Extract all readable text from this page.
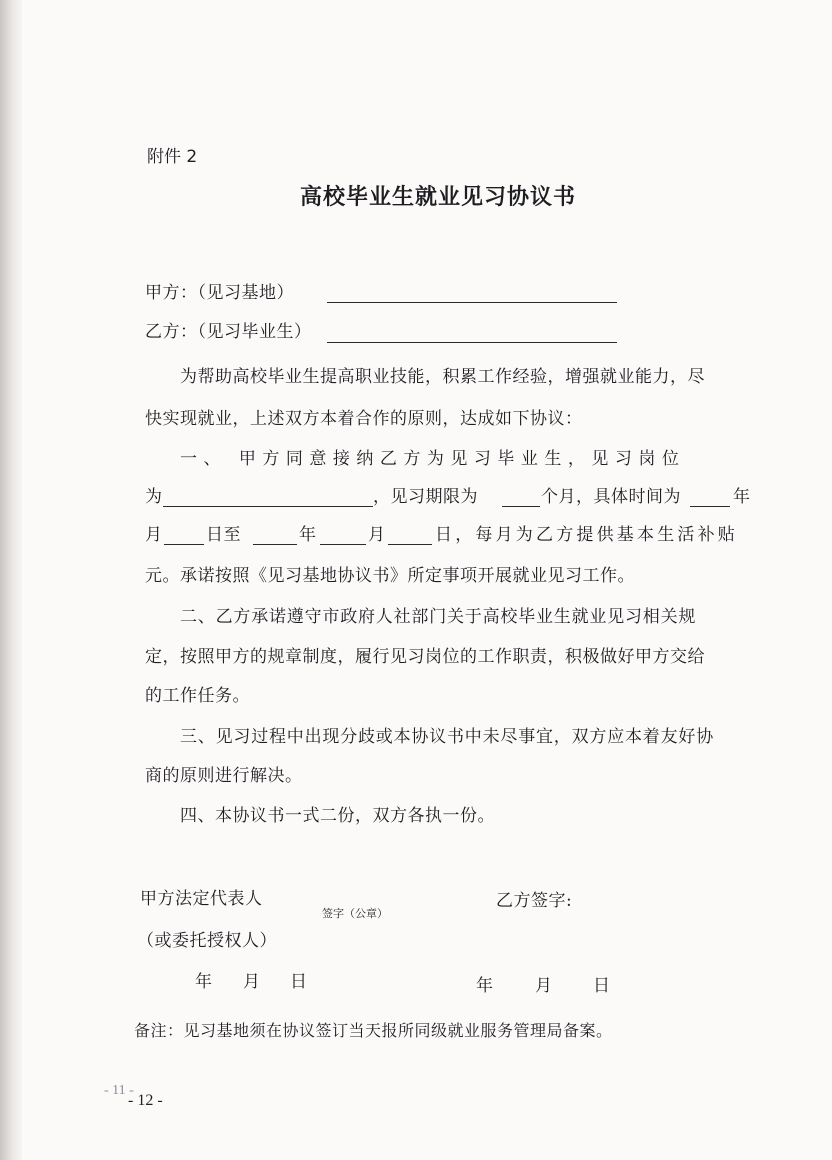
附件 2
高校毕业生就业见习协议书
甲方：（见习基地）
乙方：（见习毕业生）
为帮助高校毕业生提高职业技能，积累工作经验，增强就业能力，尽
快实现就业，上述双方本着合作的原则，达成如下协议：
一、 甲方同意接纳乙方为见习毕业生，见习岗位
为	，见习期限为	个月，具体时间为	年
月	日至	年	月	日，每月为乙方提供基本生活补贴
元。承诺按照《见习基地协议书》所定事项开展就业见习工作。
二、乙方承诺遵守市政府人社部门关于高校毕业生就业见习相关规
定，按照甲方的规章制度，履行见习岗位的工作职责，积极做好甲方交给
的工作任务。
三、见习过程中出现分歧或本协议书中未尽事宜，双方应本着友好协
商的原则进行解决。
四、本协议书一式二份，双方各执一份。
甲方法定代表人
签字（公章）
乙方签字:
（或委托授权人）
年 月 日	年 月 日
备注：见习基地须在协议签订当天报所同级就业服务管理局备案。
- 11 -
- 12 -
